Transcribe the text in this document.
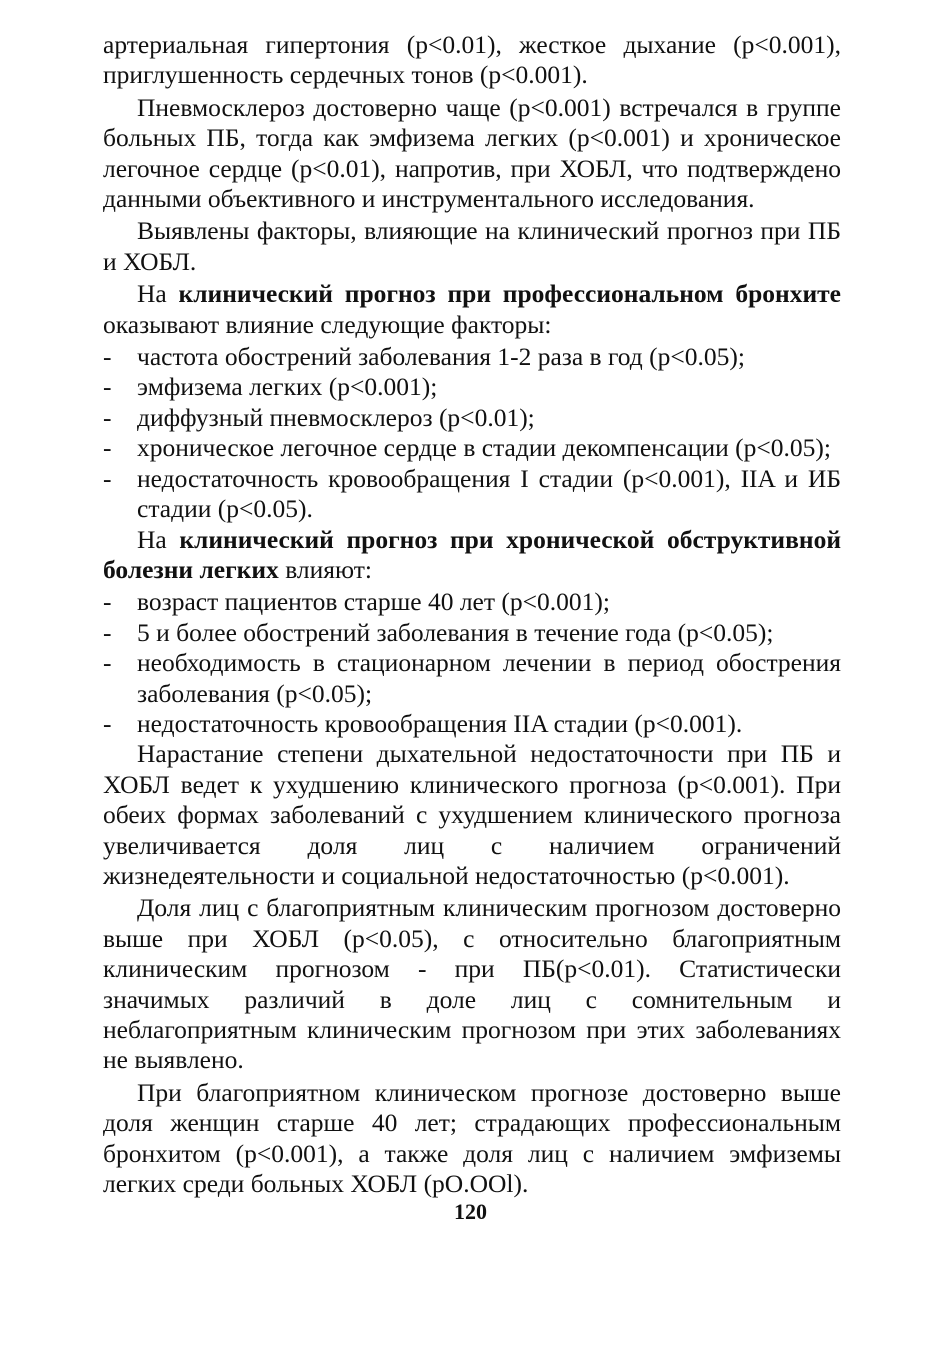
артериальная гипертония (p<0.01), жесткое дыхание (p<0.001), приглушенность сердечных тонов (p<0.001).

Пневмосклероз достоверно чаще (p<0.001) встречался в группе больных ПБ, тогда как эмфизема легких (p<0.001) и хроническое легочное сердце (p<0.01), напротив, при ХОБЛ, что подтверждено данными объективного и инструментального исследования.

Выявлены факторы, влияющие на клинический прогноз при ПБ и ХОБЛ.

На клинический прогноз при профессиональном бронхите оказывают влияние следующие факторы:

-	частота обострений заболевания 1-2 раза в год (p<0.05);
-	эмфизема легких (p<0.001);
-	диффузный пневмосклероз (p<0.01);
-	хроническое легочное сердце в стадии декомпенсации (p<0.05);
-	недостаточность кровообращения I стадии (p<0.001), IIA и ИБ стадии (p<0.05).

На клинический прогноз при хронической обструктивной болезни легких влияют:

-	возраст пациентов старше 40 лет (p<0.001);
-	5 и более обострений заболевания в течение года (p<0.05);
-	необходимость в стационарном лечении в период обострения заболевания (p<0.05);
-	недостаточность кровообращения IIA стадии (p<0.001).

Нарастание степени дыхательной недостаточности при ПБ и ХОБЛ ведет к ухудшению клинического прогноза (p<0.001). При обеих формах заболеваний с ухудшением клинического прогноза увеличивается доля лиц с наличием ограничений жизнедеятельности и социальной недостаточностью (p<0.001).

Доля лиц с благоприятным клиническим прогнозом достоверно выше при ХОБЛ (p<0.05), с относительно благоприятным клиническим прогнозом - при ПБ(p<0.01). Статистически значимых различий в доле лиц с сомнительным и неблагоприятным клиническим прогнозом при этих заболеваниях не выявлено.

При благоприятном клиническом прогнозе достоверно выше доля женщин старше 40 лет; страдающих профессиональным бронхитом (p<0.001), а также доля лиц с наличием эмфиземы легких среди больных ХОБЛ (pO.OOl).

120
